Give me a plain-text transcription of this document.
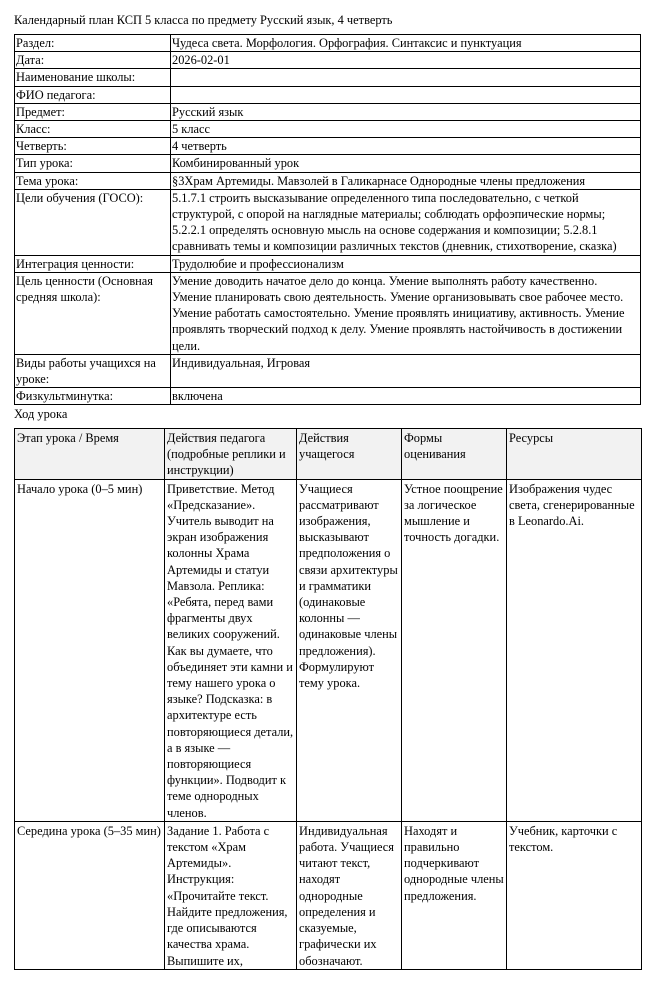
Календарный план КСП 5 класса по предмету Русский язык, 4 четверть
Раздел:	Чудеса света. Морфология. Орфография. Синтаксис и пунктуация
Дата:	2026-02-01
Наименование школы:	
ФИО педагога:	
Предмет:	Русский язык
Класс:	5 класс
Четверть:	4 четверть
Тип урока:	Комбинированный урок
Тема урока:	§3Храм Артемиды. Мавзолей в Галикарнасе Однородные члены предложения
Цели обучения (ГОСО):	5.1.7.1 строить высказывание определенного типа последовательно, с четкой структурой, с опорой на наглядные материалы; соблюдать орфоэпические нормы; 5.2.2.1 определять основную мысль на основе содержания и композиции; 5.2.8.1 сравнивать темы и композиции различных текстов (дневник, стихотворение, сказка)
Интеграция ценности:	Трудолюбие и профессионализм
Цель ценности (Основная средняя школа):	Умение доводить начатое дело до конца. Умение выполнять работу качественно. Умение планировать свою деятельность. Умение организовывать свое рабочее место. Умение работать самостоятельно. Умение проявлять инициативу, активность. Умение проявлять творческий подход к делу. Умение проявлять настойчивость в достижении цели.
Виды работы учащихся на уроке:	Индивидуальная, Игровая
Физкультминутка:	включена
Ход урока
Этап урока / Время	Действия педагога (подробные реплики и инструкции)	Действия учащегося	Формы оценивания	Ресурсы
Начало урока (0–5 мин)	Приветствие. Метод «Предсказание». Учитель выводит на экран изображения колонны Храма Артемиды и статуи Мавзола. Реплика: «Ребята, перед вами фрагменты двух великих сооружений. Как вы думаете, что объединяет эти камни и тему нашего урока о языке? Подсказка: в архитектуре есть повторяющиеся детали, а в языке — повторяющиеся функции». Подводит к теме однородных членов.	Учащиеся рассматривают изображения, высказывают предположения о связи архитектуры и грамматики (одинаковые колонны — одинаковые члены предложения). Формулируют тему урока.	Устное поощрение за логическое мышление и точность догадки.	Изображения чудес света, сгенерированные в Leonardo.Ai.
Середина урока (5–35 мин)	Задание 1. Работа с текстом «Храм Артемиды». Инструкция: «Прочитайте текст. Найдите предложения, где описываются качества храма. Выпишите их,	Индивидуальная работа. Учащиеся читают текст, находят однородные определения и сказуемые, графически их обозначают.	Находят и правильно подчеркивают однородные члены предложения.	Учебник, карточки с текстом.
